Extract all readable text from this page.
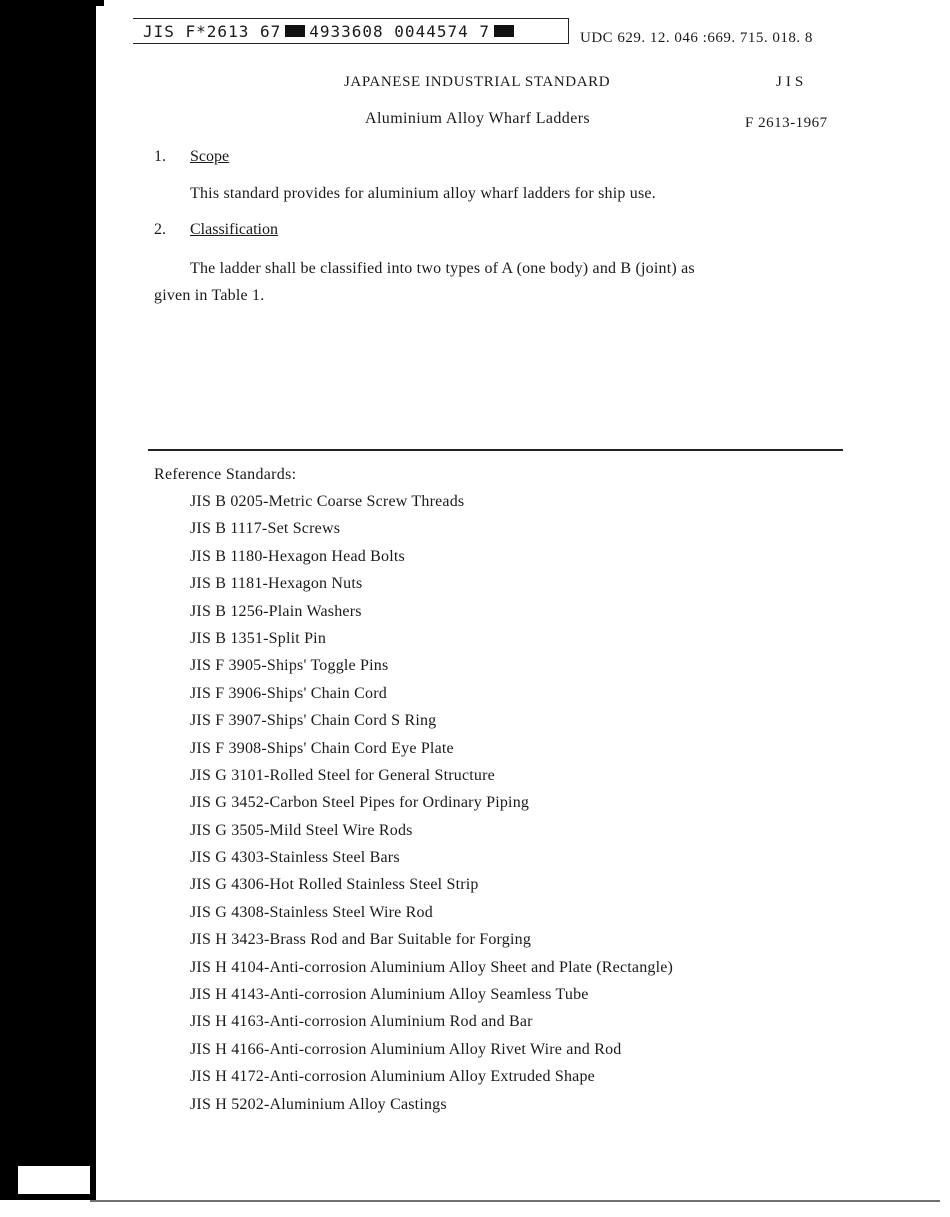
JIS F*2613 67 4933608 0044574 7	UDC 629. 12. 046 :669. 715. 018. 8
JAPANESE INDUSTRIAL STANDARD	JIS
Aluminium Alloy Wharf Ladders	F 2613-1967
1. Scope
This standard provides for aluminium alloy wharf ladders for ship use.
2. Classification
The ladder shall be classified into two types of A (one body) and B (joint) as
given in Table 1.
Reference Standards:
JIS B 0205-Metric Coarse Screw Threads
JIS B 1117-Set Screws
JIS B 1180-Hexagon Head Bolts
JIS B 1181-Hexagon Nuts
JIS B 1256-Plain Washers
JIS B 1351-Split Pin
JIS F 3905-Ships' Toggle Pins
JIS F 3906-Ships' Chain Cord
JIS F 3907-Ships' Chain Cord S Ring
JIS F 3908-Ships' Chain Cord Eye Plate
JIS G 3101-Rolled Steel for General Structure
JIS G 3452-Carbon Steel Pipes for Ordinary Piping
JIS G 3505-Mild Steel Wire Rods
JIS G 4303-Stainless Steel Bars
JIS G 4306-Hot Rolled Stainless Steel Strip
JIS G 4308-Stainless Steel Wire Rod
JIS H 3423-Brass Rod and Bar Suitable for Forging
JIS H 4104-Anti-corrosion Aluminium Alloy Sheet and Plate (Rectangle)
JIS H 4143-Anti-corrosion Aluminium Alloy Seamless Tube
JIS H 4163-Anti-corrosion Aluminium Rod and Bar
JIS H 4166-Anti-corrosion Aluminium Alloy Rivet Wire and Rod
JIS H 4172-Anti-corrosion Aluminium Alloy Extruded Shape
JIS H 5202-Aluminium Alloy Castings
